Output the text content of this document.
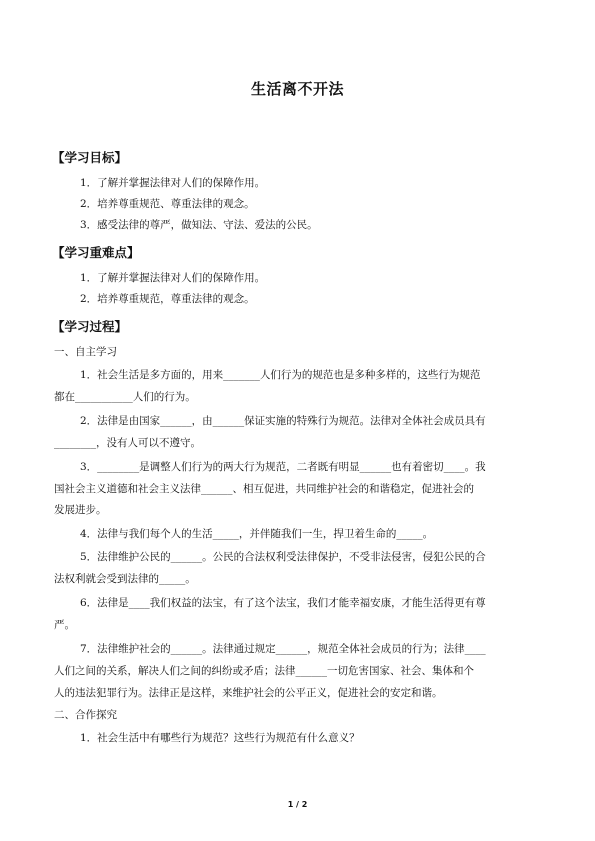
生活离不开法
【学习目标】
1．了解并掌握法律对人们的保障作用。
2．培养尊重规范、尊重法律的观念。
3．感受法律的尊严，做知法、守法、爱法的公民。
【学习重难点】
1．了解并掌握法律对人们的保障作用。
2．培养尊重规范，尊重法律的观念。
【学习过程】
一、自主学习
1．社会生活是多方面的，用来_______人们行为的规范也是多种多样的，这些行为规范
都在___________人们的行为。
2．法律是由国家______，由______保证实施的特殊行为规范。法律对全体社会成员具有
________，没有人可以不遵守。
3．________是调整人们行为的两大行为规范，二者既有明显______也有着密切____。我
国社会主义道德和社会主义法律______、相互促进，共同维护社会的和谐稳定，促进社会的
发展进步。
4．法律与我们每个人的生活_____，并伴随我们一生，捍卫着生命的_____。
5．法律维护公民的______。公民的合法权利受法律保护，不受非法侵害，侵犯公民的合
法权利就会受到法律的_____。
6．法律是____我们权益的法宝，有了这个法宝，我们才能幸福安康，才能生活得更有尊
严。
7．法律维护社会的______。法律通过规定______，规范全体社会成员的行为；法律____
人们之间的关系，解决人们之间的纠纷或矛盾；法律______一切危害国家、社会、集体和个
人的违法犯罪行为。法律正是这样，来维护社会的公平正义，促进社会的安定和谐。
二、合作探究
1．社会生活中有哪些行为规范？这些行为规范有什么意义？
1 / 2
